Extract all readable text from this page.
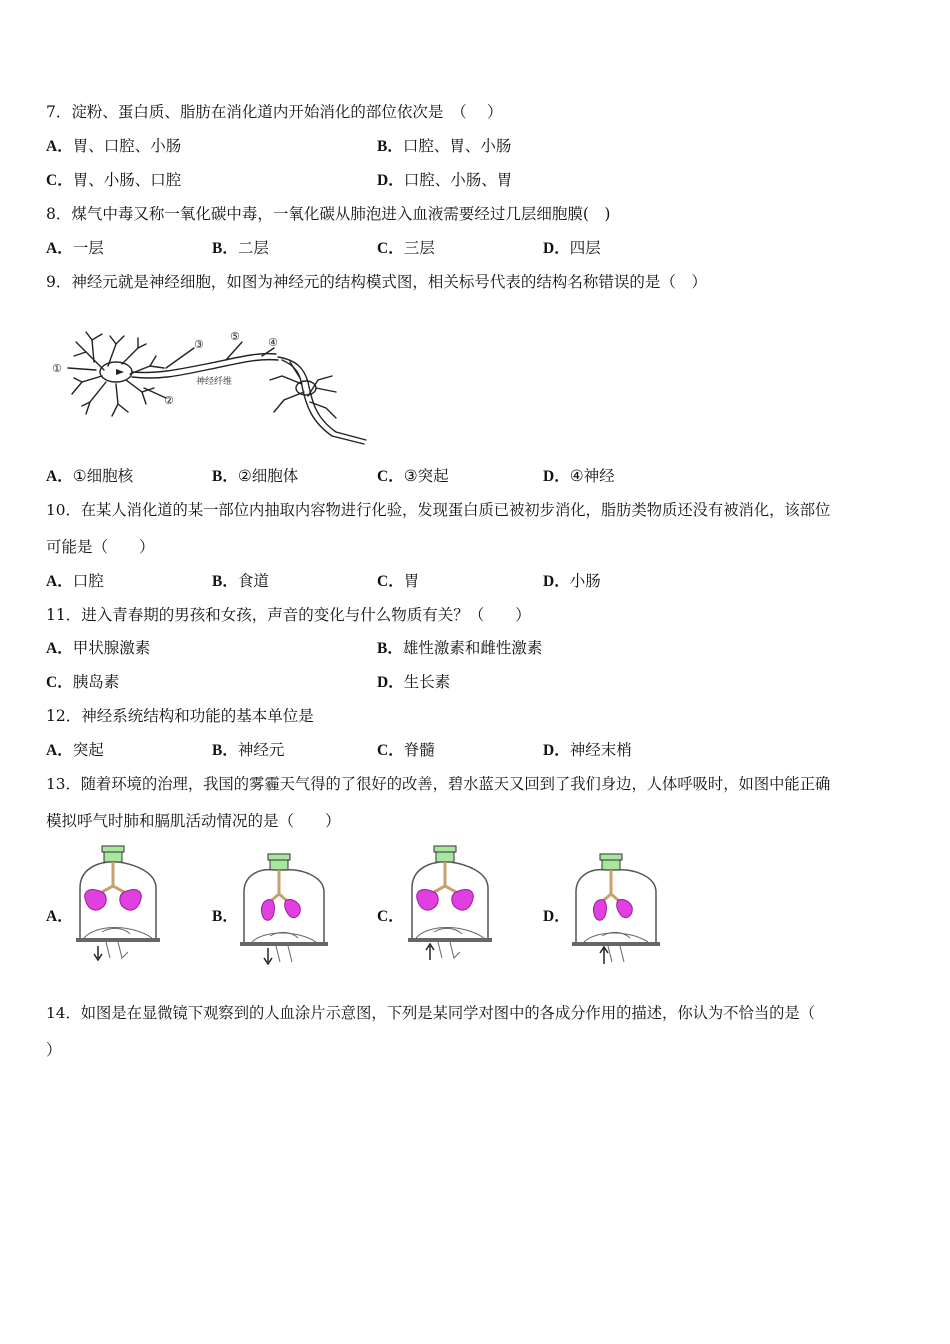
7．淀粉、蛋白质、脂肪在消化道内开始消化的部位依次是　（　 ）
A．胃、口腔、小肠	B．口腔、胃、小肠
C．胃、小肠、口腔	D．口腔、小肠、胃
8．煤气中毒又称一氧化碳中毒，一氧化碳从肺泡进入血液需要经过几层细胞膜(　)
A．一层	B．二层	C．三层	D．四层
9．神经元就是神经细胞，如图为神经元的结构模式图，相关标号代表的结构名称错误的是（　）
①
②
③	④
⑤
神经纤维
A．①细胞核	B．②细胞体	C．③突起	D．④神经
10．在某人消化道的某一部位内抽取内容物进行化验，发现蛋白质已被初步消化，脂肪类物质还没有被消化，该部位
可能是（　　）
A．口腔	B．食道	C．胃	D．小肠
11．进入青春期的男孩和女孩，声音的变化与什么物质有关？（　　）
A．甲状腺激素	B．雄性激素和雌性激素
C．胰岛素	D．生长素
12．神经系统结构和功能的基本单位是
A．突起	B．神经元	C．脊髓	D．神经末梢
13．随着环境的治理，我国的雾霾天气得的了很好的改善，碧水蓝天又回到了我们身边，人体呼吸时，如图中能正确
模拟呼气时肺和膈肌活动情况的是（　　）
A．	B．	C．	D．
14．如图是在显微镜下观察到的人血涂片示意图，下列是某同学对图中的各成分作用的描述，你认为不恰当的是（
）
